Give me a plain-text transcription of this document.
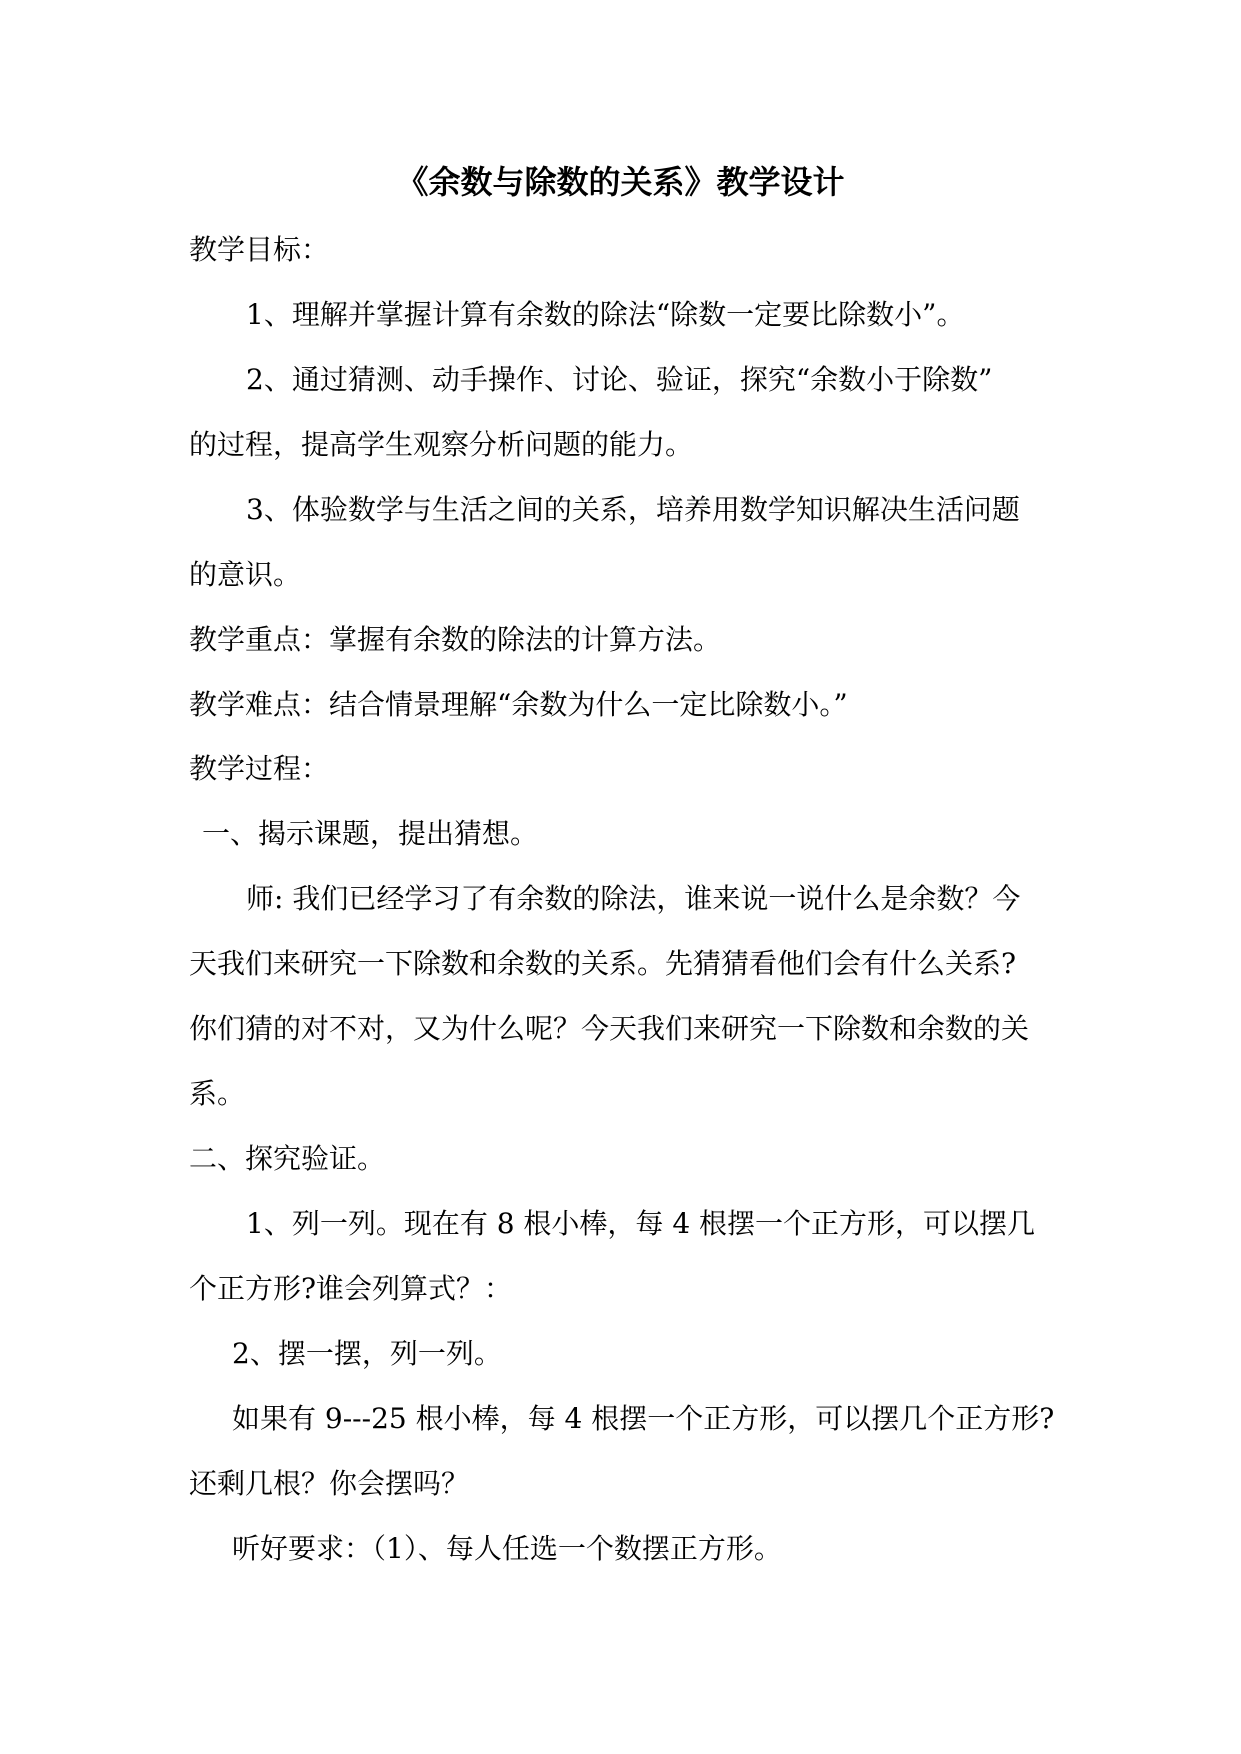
《余数与除数的关系》教学设计
教学目标：
1、理解并掌握计算有余数的除法“除数一定要比除数小”。
2、通过猜测、动手操作、讨论、验证，探究“余数小于除数”
的过程，提高学生观察分析问题的能力。
3、体验数学与生活之间的关系，培养用数学知识解决生活问题
的意识。
教学重点：掌握有余数的除法的计算方法。
教学难点：结合情景理解“余数为什么一定比除数小。”
教学过程：
一、揭示课题，提出猜想。
师: 我们已经学习了有余数的除法，谁来说一说什么是余数？今
天我们来研究一下除数和余数的关系。先猜猜看他们会有什么关系?
你们猜的对不对，又为什么呢？今天我们来研究一下除数和余数的关
系。
二、探究验证。
1、列一列。现在有 8 根小棒，每 4 根摆一个正方形，可以摆几
个正方形?谁会列算式？：
2、摆一摆，列一列。
如果有 9---25 根小棒，每 4 根摆一个正方形，可以摆几个正方形?
还剩几根？你会摆吗？
听好要求：（1）、每人任选一个数摆正方形。
